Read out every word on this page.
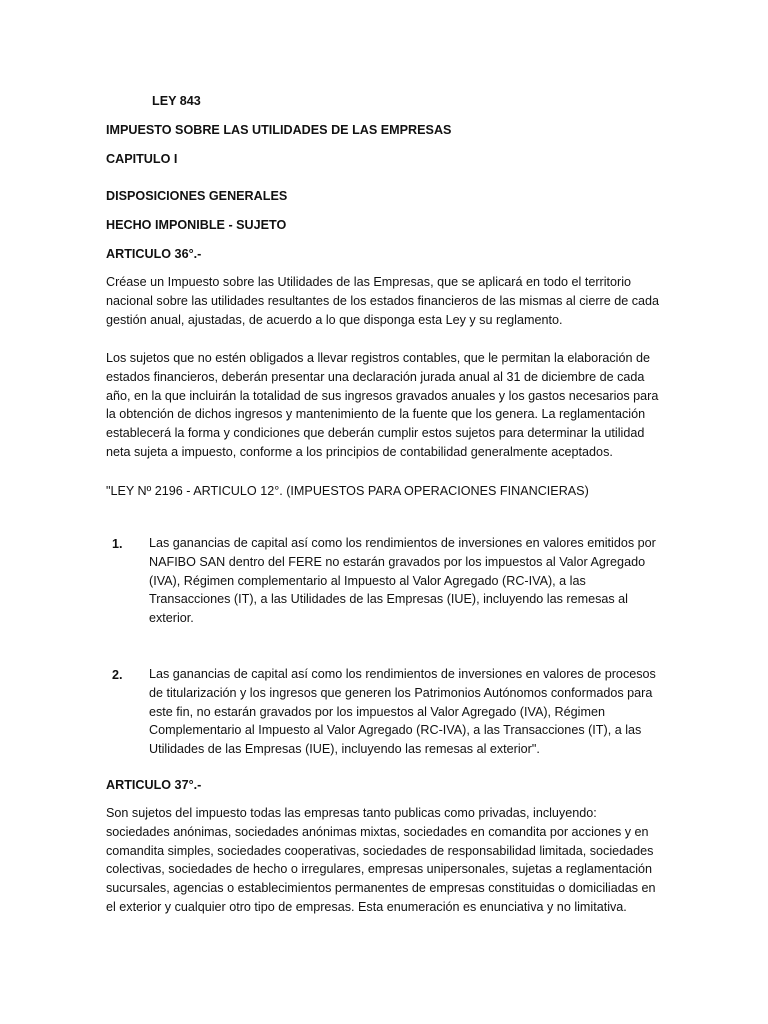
LEY 843
IMPUESTO SOBRE LAS UTILIDADES DE LAS EMPRESAS
CAPITULO I
DISPOSICIONES GENERALES
HECHO IMPONIBLE - SUJETO
ARTICULO 36°.-
Créase un Impuesto sobre las Utilidades de las Empresas, que se aplicará en todo el territorio
nacional sobre las utilidades resultantes de los estados financieros de las mismas al cierre de cada
gestión anual, ajustadas, de acuerdo a lo que disponga esta Ley y su reglamento.
Los sujetos que no estén obligados a llevar registros contables, que le permitan la elaboración de
estados financieros, deberán presentar una declaración jurada anual al 31 de diciembre de cada
año, en la que incluirán la totalidad de sus ingresos gravados anuales y los gastos necesarios para
la obtención de dichos ingresos y mantenimiento de la fuente que los genera. La reglamentación
establecerá la forma y condiciones que deberán cumplir estos sujetos para determinar la utilidad
neta sujeta a impuesto, conforme a los principios de contabilidad generalmente aceptados.
"LEY Nº 2196 - ARTICULO 12°. (IMPUESTOS PARA OPERACIONES FINANCIERAS)
1. Las ganancias de capital así como los rendimientos de inversiones en valores emitidos por
NAFIBO SAN dentro del FERE no estarán gravados por los impuestos al Valor Agregado
(IVA), Régimen complementario al Impuesto al Valor Agregado (RC-IVA), a las
Transacciones (IT), a las Utilidades de las Empresas (IUE), incluyendo las remesas al
exterior.
2. Las ganancias de capital así como los rendimientos de inversiones en valores de procesos
de titularización y los ingresos que generen los Patrimonios Autónomos conformados para
este fin, no estarán gravados por los impuestos al Valor Agregado (IVA), Régimen
Complementario al Impuesto al Valor Agregado (RC-IVA), a las Transacciones (IT), a las
Utilidades de las Empresas (IUE), incluyendo las remesas al exterior".
ARTICULO 37°.-
Son sujetos del impuesto todas las empresas tanto publicas como privadas, incluyendo:
sociedades anónimas, sociedades anónimas mixtas, sociedades en comandita por acciones y en
comandita simples, sociedades cooperativas, sociedades de responsabilidad limitada, sociedades
colectivas, sociedades de hecho o irregulares, empresas unipersonales, sujetas a reglamentación
sucursales, agencias o establecimientos permanentes de empresas constituidas o domiciliadas en
el exterior y cualquier otro tipo de empresas. Esta enumeración es enunciativa y no limitativa.
